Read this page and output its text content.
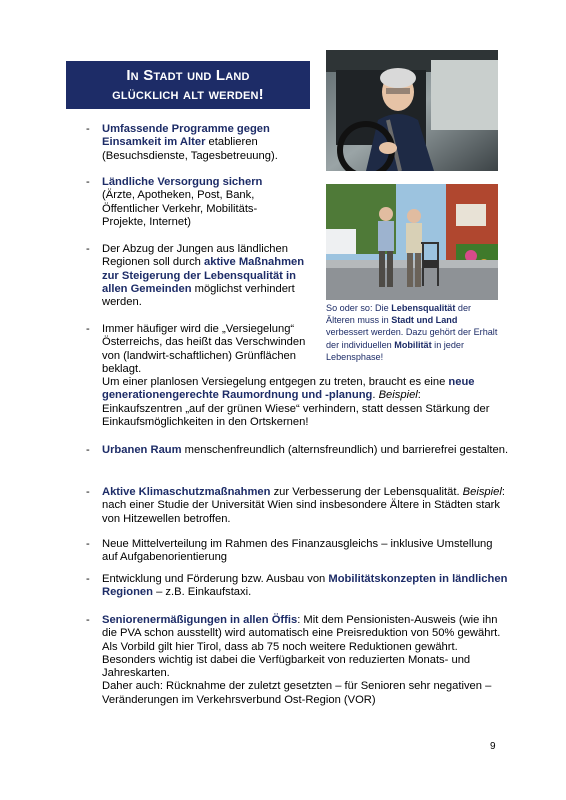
In Stadt und Land
glücklich alt werden!
So oder so: Die Lebensqualität der Älteren muss in Stadt und Land verbessert werden. Dazu gehört der Erhalt der individuellen Mobilität in jeder Lebensphase!
-	Umfassende Programme gegen Einsamkeit im Alter etablieren (Besuchsdienste, Tagesbetreuung).
-	Ländliche Versorgung sichern (Ärzte, Apotheken, Post, Bank, Öffentlicher Verkehr, Mobilitäts-Projekte, Internet)
-	Der Abzug der Jungen aus ländlichen Regionen soll durch aktive Maßnahmen zur Steigerung der Lebensqualität in allen Gemeinden möglichst verhindert werden.
-	Immer häufiger wird die „Versiegelung“ Österreichs, das heißt das Verschwinden von (landwirt-schaftlichen) Grünflächen beklagt.
Um einer planlosen Versiegelung entgegen zu treten, braucht es eine neue generationengerechte Raumordnung und -planung. Beispiel: Einkaufszentren „auf der grünen Wiese“ verhindern, statt dessen Stärkung der Einkaufsmöglichkeiten in den Ortskernen!
-	Urbanen Raum menschenfreundlich (alternsfreundlich) und barrierefrei gestalten.
-	Aktive Klimaschutzmaßnahmen zur Verbesserung der Lebensqualität. Beispiel: nach einer Studie der Universität Wien sind insbesondere Ältere in Städten stark von Hitzewellen betroffen.
-	Neue Mittelverteilung im Rahmen des Finanzausgleichs – inklusive Umstellung auf Aufgabenorientierung
-	Entwicklung und Förderung bzw. Ausbau von Mobilitätskonzepten in ländlichen Regionen – z.B. Einkaufstaxi.
-	Seniorenermäßigungen in allen Öffis: Mit dem Pensionisten-Ausweis (wie ihn die PVA schon ausstellt) wird automatisch eine Preisreduktion von 50% gewährt.
Als Vorbild gilt hier Tirol, dass ab 75 noch weitere Reduktionen gewährt. Besonders wichtig ist dabei die Verfügbarkeit von reduzierten Monats- und Jahreskarten.
Daher auch: Rücknahme der zuletzt gesetzten – für Senioren sehr negativen – Veränderungen im Verkehrsverbund Ost-Region (VOR)
9
